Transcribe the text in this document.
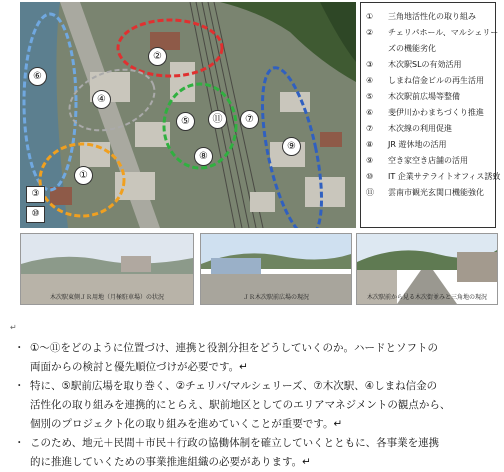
②
⑥
④
⑤	⑪	⑦
⑧
⑨
①
③
⑩
①	三角地活性化の取り組み
②	チェリパホール、マルシェリー
ズの機能劣化
③	木次駅SLの有効活用
④	しまね信金ビルの再生活用
⑤	木次駅前広場等整備
⑥	斐伊川かわまちづくり推進
⑦	木次線の利用促進
⑧	JR 遊休地の活用
⑨	空き家空き店舗の活用
⑩	IT 企業サテライトオフィス誘致
⑪	雲南市観光玄関口機能強化
木次駅東側ＪＲ用地（月極駐車場）の状況	ＪＲ木次駅前広場の現況	木次駅前から見る木次街並みと三角地の現況
↵
・ ①～⑪をどのように位置づけ、連携と役割分担をどうしていくのか。ハードとソフトの
両面からの検討と優先順位づけが必要です。↵
・ 特に、⑤駅前広場を取り巻く、②チェリバ/マルシェリーズ、⑦木次駅、④しまね信金の
活性化の取り組みを連携的にとらえ、駅前地区としてのエリアマネジメントの観点から、
個別のプロジェクト化の取り組みを進めていくことが重要です。↵
・ このため、地元＋民間＋市民＋行政の協働体制を確立していくとともに、各事業を連携
的に推進していくための事業推進組織の必要があります。↵
